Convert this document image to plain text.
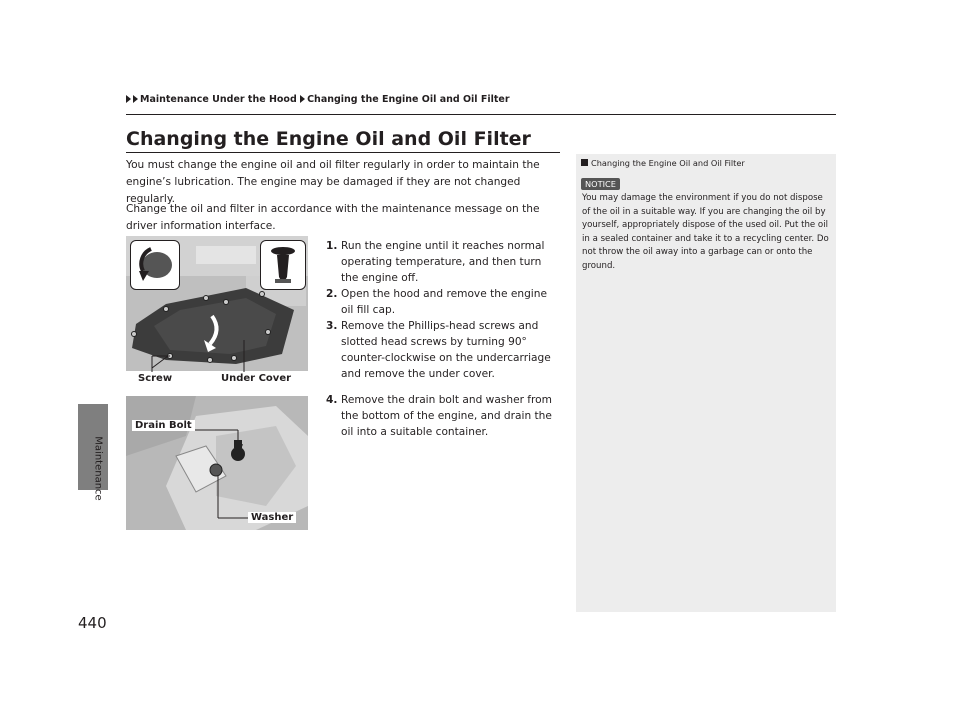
Maintenance Under the Hood Changing the Engine Oil and Oil Filter
Maintenance
440
Changing the Engine Oil and Oil Filter
You must change the engine oil and oil filter regularly in order to maintain the engine’s lubrication. The engine may be damaged if they are not changed regularly.
Change the oil and filter in accordance with the maintenance message on the driver information interface.
1. Run the engine until it reaches normal operating temperature, and then turn the engine off.
2. Open the hood and remove the engine oil fill cap.
3. Remove the Phillips-head screws and slotted head screws by turning 90° counter-clockwise on the undercarriage and remove the under cover.
4. Remove the drain bolt and washer from the bottom of the engine, and drain the oil into a suitable container.
Screw	Under Cover
Drain Bolt
Washer
Changing the Engine Oil and Oil Filter
NOTICE
You may damage the environment if you do not dispose of the oil in a suitable way. If you are changing the oil by yourself, appropriately dispose of the used oil. Put the oil in a sealed container and take it to a recycling center. Do not throw the oil away into a garbage can or onto the ground.
